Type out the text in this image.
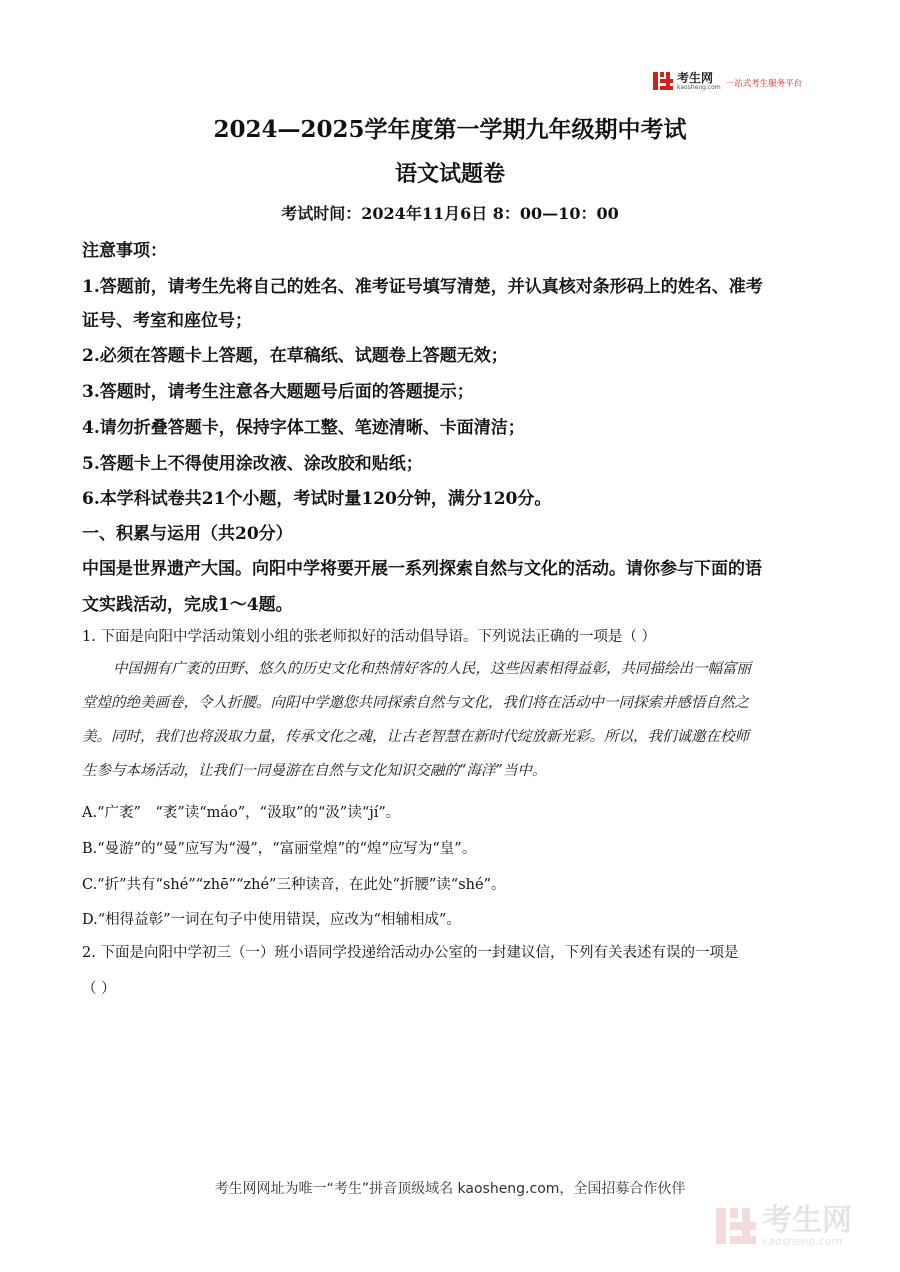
考生网
kaosheng.com 一站式考生服务平台
2024—2025学年度第一学期九年级期中考试
语文试题卷
考试时间：2024年11月6日 8：00—10：00
注意事项：
1.答题前，请考生先将自己的姓名、准考证号填写清楚，并认真核对条形码上的姓名、准考
证号、考室和座位号；
2.必须在答题卡上答题，在草稿纸、试题卷上答题无效；
3.答题时，请考生注意各大题题号后面的答题提示；
4.请勿折叠答题卡，保持字体工整、笔迹清晰、卡面清洁；
5.答题卡上不得使用涂改液、涂改胶和贴纸；
6.本学科试卷共21个小题，考试时量120分钟，满分120分。
一、积累与运用（共20分）
中国是世界遗产大国。向阳中学将要开展一系列探索自然与文化的活动。请你参与下面的语
文实践活动，完成1～4题。
1. 下面是向阳中学活动策划小组的张老师拟好的活动倡导语。下列说法正确的一项是（ ）
中国拥有广袤的田野、悠久的历史文化和热情好客的人民，这些因素相得益彰，共同描绘出一幅富丽
堂煌的绝美画卷，令人折腰。向阳中学邀您共同探索自然与文化，我们将在活动中一同探索并感悟自然之
美。同时，我们也将汲取力量，传承文化之魂，让古老智慧在新时代绽放新光彩。所以，我们诚邀在校师
生参与本场活动，让我们一同曼游在自然与文化知识交融的“海洋”当中。
A.“广袤”　“袤”读“máo”，“汲取”的“汲”读“jí”。
B.“曼游”的“曼”应写为“漫”，“富丽堂煌”的“煌”应写为“皇”。
C.“折”共有“shé”“zhē”“zhé”三种读音，在此处“折腰”读“shé”。
D.“相得益彰”一词在句子中使用错误，应改为“相辅相成”。
2. 下面是向阳中学初三（一）班小语同学投递给活动办公室的一封建议信，下列有关表述有误的一项是
（ ）
考生网网址为唯一“考生”拼音顶级域名 kaosheng.com，全国招募合作伙伴
考生网
kaosheng.com
